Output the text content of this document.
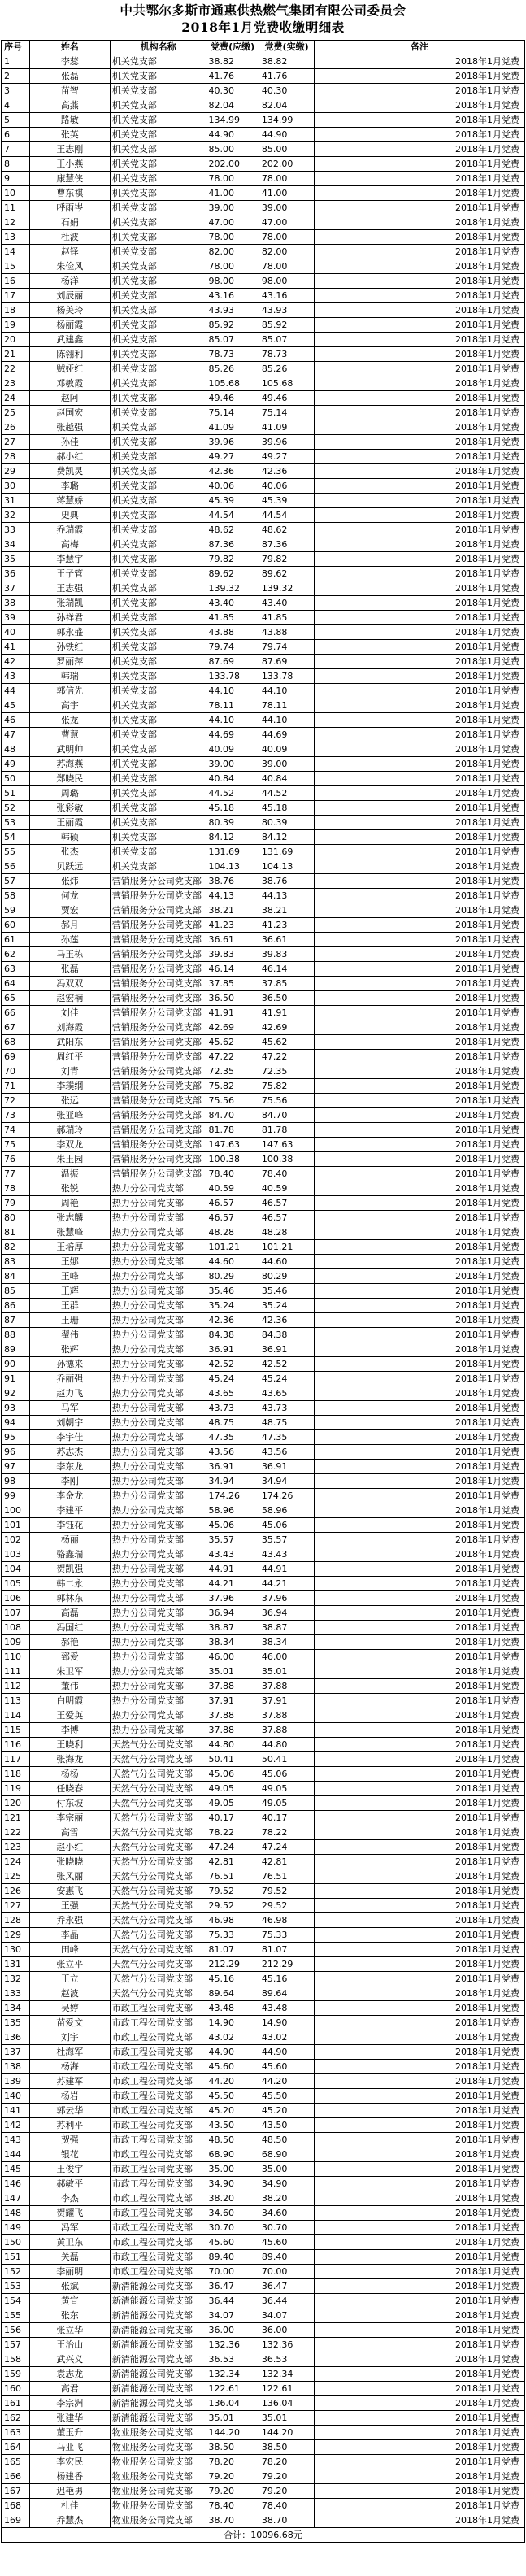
中共鄂尔多斯市通惠供热燃气集团有限公司委员会
2018年1月党费收缴明细表
序号	姓名	机构名称	党费(应缴)	党费(实缴)	备注
1	李蕊	机关党支部	38.82	38.82	2018年1月党费
2	张磊	机关党支部	41.76	41.76	2018年1月党费
3	苗智	机关党支部	40.30	40.30	2018年1月党费
4	高燕	机关党支部	82.04	82.04	2018年1月党费
5	路敏	机关党支部	134.99	134.99	2018年1月党费
6	张英	机关党支部	44.90	44.90	2018年1月党费
7	王志刚	机关党支部	85.00	85.00	2018年1月党费
8	王小燕	机关党支部	202.00	202.00	2018年1月党费
9	康慧侠	机关党支部	78.00	78.00	2018年1月党费
10	曹东祺	机关党支部	41.00	41.00	2018年1月党费
11	呼雨岑	机关党支部	39.00	39.00	2018年1月党费
12	石娟	机关党支部	47.00	47.00	2018年1月党费
13	杜波	机关党支部	78.00	78.00	2018年1月党费
14	赵铎	机关党支部	82.00	82.00	2018年1月党费
15	朱俭风	机关党支部	78.00	78.00	2018年1月党费
16	杨洋	机关党支部	98.00	98.00	2018年1月党费
17	刘辰丽	机关党支部	43.16	43.16	2018年1月党费
18	杨美玲	机关党支部	43.93	43.93	2018年1月党费
19	杨丽霞	机关党支部	85.92	85.92	2018年1月党费
20	武建鑫	机关党支部	85.07	85.07	2018年1月党费
21	陈翎利	机关党支部	78.73	78.73	2018年1月党费
22	贼娅红	机关党支部	85.26	85.26	2018年1月党费
23	邓敏霞	机关党支部	105.68	105.68	2018年1月党费
24	赵阿	机关党支部	49.46	49.46	2018年1月党费
25	赵国宏	机关党支部	75.14	75.14	2018年1月党费
26	张越强	机关党支部	41.09	41.09	2018年1月党费
27	孙佳	机关党支部	39.96	39.96	2018年1月党费
28	郝小红	机关党支部	49.27	49.27	2018年1月党费
29	费凯灵	机关党支部	42.36	42.36	2018年1月党费
30	李璐	机关党支部	40.06	40.06	2018年1月党费
31	蒋慧娇	机关党支部	45.39	45.39	2018年1月党费
32	史典	机关党支部	44.54	44.54	2018年1月党费
33	乔瑞霞	机关党支部	48.62	48.62	2018年1月党费
34	高梅	机关党支部	87.36	87.36	2018年1月党费
35	李慧宇	机关党支部	79.82	79.82	2018年1月党费
36	王子管	机关党支部	89.62	89.62	2018年1月党费
37	王志强	机关党支部	139.32	139.32	2018年1月党费
38	张瑞凯	机关党支部	43.40	43.40	2018年1月党费
39	孙祥君	机关党支部	41.85	41.85	2018年1月党费
40	郭永盛	机关党支部	43.88	43.88	2018年1月党费
41	孙铁红	机关党支部	79.74	79.74	2018年1月党费
42	罗丽萍	机关党支部	87.69	87.69	2018年1月党费
43	韩瑞	机关党支部	133.78	133.78	2018年1月党费
44	郭信先	机关党支部	44.10	44.10	2018年1月党费
45	高宇	机关党支部	78.11	78.11	2018年1月党费
46	张龙	机关党支部	44.10	44.10	2018年1月党费
47	曹慧	机关党支部	44.69	44.69	2018年1月党费
48	武明帅	机关党支部	40.09	40.09	2018年1月党费
49	苏海燕	机关党支部	39.00	39.00	2018年1月党费
50	郑晓民	机关党支部	40.84	40.84	2018年1月党费
51	周璐	机关党支部	44.52	44.52	2018年1月党费
52	张彩敏	机关党支部	45.18	45.18	2018年1月党费
53	王丽霞	机关党支部	80.39	80.39	2018年1月党费
54	韩硕	机关党支部	84.12	84.12	2018年1月党费
55	张杰	机关党支部	131.69	131.69	2018年1月党费
56	贝跃远	机关党支部	104.13	104.13	2018年1月党费
57	张炜	营销服务分公司党支部	38.76	38.76	2018年1月党费
58	何龙	营销服务分公司党支部	44.13	44.13	2018年1月党费
59	贾宏	营销服务分公司党支部	38.21	38.21	2018年1月党费
60	郝月	营销服务分公司党支部	41.23	41.23	2018年1月党费
61	孙莲	营销服务分公司党支部	36.61	36.61	2018年1月党费
62	马玉栋	营销服务分公司党支部	39.83	39.83	2018年1月党费
63	张磊	营销服务分公司党支部	46.14	46.14	2018年1月党费
64	冯双双	营销服务分公司党支部	37.85	37.85	2018年1月党费
65	赵宏楠	营销服务分公司党支部	36.50	36.50	2018年1月党费
66	刘佳	营销服务分公司党支部	41.91	41.91	2018年1月党费
67	刘海霞	营销服务分公司党支部	42.69	42.69	2018年1月党费
68	武阳东	营销服务分公司党支部	45.62	45.62	2018年1月党费
69	周红平	营销服务分公司党支部	47.22	47.22	2018年1月党费
70	刘青	营销服务分公司党支部	72.35	72.35	2018年1月党费
71	李璞纲	营销服务分公司党支部	75.82	75.82	2018年1月党费
72	张远	营销服务分公司党支部	75.56	75.56	2018年1月党费
73	张亚峰	营销服务分公司党支部	84.70	84.70	2018年1月党费
74	郝瑞玲	营销服务分公司党支部	81.78	81.78	2018年1月党费
75	李双龙	营销服务分公司党支部	147.63	147.63	2018年1月党费
76	朱玉园	营销服务分公司党支部	100.38	100.38	2018年1月党费
77	温振	营销服务分公司党支部	78.40	78.40	2018年1月党费
78	张锐	热力分公司党支部	40.59	40.59	2018年1月党费
79	周艳	热力分公司党支部	46.57	46.57	2018年1月党费
80	张志麟	热力分公司党支部	46.57	46.57	2018年1月党费
81	张慧峰	热力分公司党支部	48.28	48.28	2018年1月党费
82	王培厚	热力分公司党支部	101.21	101.21	2018年1月党费
83	王娜	热力分公司党支部	44.60	44.60	2018年1月党费
84	王峰	热力分公司党支部	80.29	80.29	2018年1月党费
85	王辉	热力分公司党支部	35.46	35.46	2018年1月党费
86	王群	热力分公司党支部	35.24	35.24	2018年1月党费
87	王珊	热力分公司党支部	42.36	42.36	2018年1月党费
88	翟伟	热力分公司党支部	84.38	84.38	2018年1月党费
89	张辉	热力分公司党支部	36.91	36.91	2018年1月党费
90	孙德来	热力分公司党支部	42.52	42.52	2018年1月党费
91	乔丽强	热力分公司党支部	45.24	45.24	2018年1月党费
92	赵力飞	热力分公司党支部	43.65	43.65	2018年1月党费
93	马军	热力分公司党支部	43.73	43.73	2018年1月党费
94	刘朝宇	热力分公司党支部	48.75	48.75	2018年1月党费
95	李宇佳	热力分公司党支部	47.35	47.35	2018年1月党费
96	苏志杰	热力分公司党支部	43.56	43.56	2018年1月党费
97	李东龙	热力分公司党支部	36.91	36.91	2018年1月党费
98	李刚	热力分公司党支部	34.94	34.94	2018年1月党费
99	李金龙	热力分公司党支部	174.26	174.26	2018年1月党费
100	李建平	热力分公司党支部	58.96	58.96	2018年1月党费
101	李钰花	热力分公司党支部	45.06	45.06	2018年1月党费
102	杨丽	热力分公司党支部	35.57	35.57	2018年1月党费
103	骆鑫瑞	热力分公司党支部	43.43	43.43	2018年1月党费
104	贺凯强	热力分公司党支部	44.91	44.91	2018年1月党费
105	韩二永	热力分公司党支部	44.21	44.21	2018年1月党费
106	郭林东	热力分公司党支部	37.96	37.96	2018年1月党费
107	高磊	热力分公司党支部	36.94	36.94	2018年1月党费
108	冯国红	热力分公司党支部	38.87	38.87	2018年1月党费
109	郝艳	热力分公司党支部	38.34	38.34	2018年1月党费
110	郅爱	热力分公司党支部	46.00	46.00	2018年1月党费
111	朱卫军	热力分公司党支部	35.01	35.01	2018年1月党费
112	董伟	热力分公司党支部	37.88	37.88	2018年1月党费
113	白明霞	热力分公司党支部	37.91	37.91	2018年1月党费
114	王爱英	热力分公司党支部	37.88	37.88	2018年1月党费
115	李博	热力分公司党支部	37.88	37.88	2018年1月党费
116	王晓利	天然气分公司党支部	44.80	44.80	2018年1月党费
117	张海龙	天然气分公司党支部	50.41	50.41	2018年1月党费
118	杨杨	天然气分公司党支部	45.06	45.06	2018年1月党费
119	任晓春	天然气分公司党支部	49.05	49.05	2018年1月党费
120	付东坡	天然气分公司党支部	49.05	49.05	2018年1月党费
121	李宗丽	天然气分公司党支部	40.17	40.17	2018年1月党费
122	高雪	天然气分公司党支部	78.22	78.22	2018年1月党费
123	赵小红	天然气分公司党支部	47.24	47.24	2018年1月党费
124	张晓晓	天然气分公司党支部	42.81	42.81	2018年1月党费
125	张风丽	天然气分公司党支部	76.51	76.51	2018年1月党费
126	安惠飞	天然气分公司党支部	79.52	79.52	2018年1月党费
127	王强	天然气分公司党支部	29.52	29.52	2018年1月党费
128	乔永强	天然气分公司党支部	46.98	46.98	2018年1月党费
129	李晶	天然气分公司党支部	75.33	75.33	2018年1月党费
130	田峰	天然气分公司党支部	81.07	81.07	2018年1月党费
131	张立平	天然气分公司党支部	212.29	212.29	2018年1月党费
132	王立	天然气分公司党支部	45.16	45.16	2018年1月党费
133	赵波	天然气分公司党支部	89.64	89.64	2018年1月党费
134	吴婷	市政工程公司党支部	43.48	43.48	2018年1月党费
135	苗爱文	市政工程公司党支部	14.90	14.90	2018年1月党费
136	刘宇	市政工程公司党支部	43.02	43.02	2018年1月党费
137	杜海军	市政工程公司党支部	44.90	44.90	2018年1月党费
138	杨海	市政工程公司党支部	45.60	45.60	2018年1月党费
139	苏建军	市政工程公司党支部	44.20	44.20	2018年1月党费
140	杨岩	市政工程公司党支部	45.50	45.50	2018年1月党费
141	郭云华	市政工程公司党支部	45.20	45.20	2018年1月党费
142	苏利平	市政工程公司党支部	43.50	43.50	2018年1月党费
143	贺强	市政工程公司党支部	48.50	48.50	2018年1月党费
144	银花	市政工程公司党支部	68.90	68.90	2018年1月党费
145	王俊宇	市政工程公司党支部	35.00	35.00	2018年1月党费
146	郝敏平	市政工程公司党支部	34.90	34.90	2018年1月党费
147	李杰	市政工程公司党支部	38.20	38.20	2018年1月党费
148	贺耀飞	市政工程公司党支部	34.60	34.60	2018年1月党费
149	冯军	市政工程公司党支部	30.70	30.70	2018年1月党费
150	黄卫东	市政工程公司党支部	45.60	45.60	2018年1月党费
151	关磊	市政工程公司党支部	89.40	89.40	2018年1月党费
152	李丽明	市政工程公司党支部	70.00	70.00	2018年1月党费
153	张斌	新清能源公司党支部	36.47	36.47	2018年1月党费
154	黄宣	新清能源公司党支部	36.44	36.44	2018年1月党费
155	张东	新清能源公司党支部	34.07	34.07	2018年1月党费
156	张立华	新清能源公司党支部	36.00	36.00	2018年1月党费
157	王治山	新清能源公司党支部	132.36	132.36	2018年1月党费
158	武兴义	新清能源公司党支部	36.53	36.53	2018年1月党费
159	袁志龙	新清能源公司党支部	132.34	132.34	2018年1月党费
160	高君	新清能源公司党支部	122.61	122.61	2018年1月党费
161	李宗洲	新清能源公司党支部	136.04	136.04	2018年1月党费
162	张建华	新清能源公司党支部	35.01	35.01	2018年1月党费
163	董玉升	物业服务公司党支部	144.20	144.20	2018年1月党费
164	马亚飞	物业服务公司党支部	38.50	38.50	2018年1月党费
165	李宏民	物业服务公司党支部	78.20	78.20	2018年1月党费
166	杨建香	物业服务公司党支部	79.20	79.20	2018年1月党费
167	迟艳男	物业服务公司党支部	79.20	79.20	2018年1月党费
168	杜佳	物业服务公司党支部	78.40	78.40	2018年1月党费
169	乔慧杰	物业服务公司党支部	38.70	38.70	2018年1月党费
合计：10096.68元					
